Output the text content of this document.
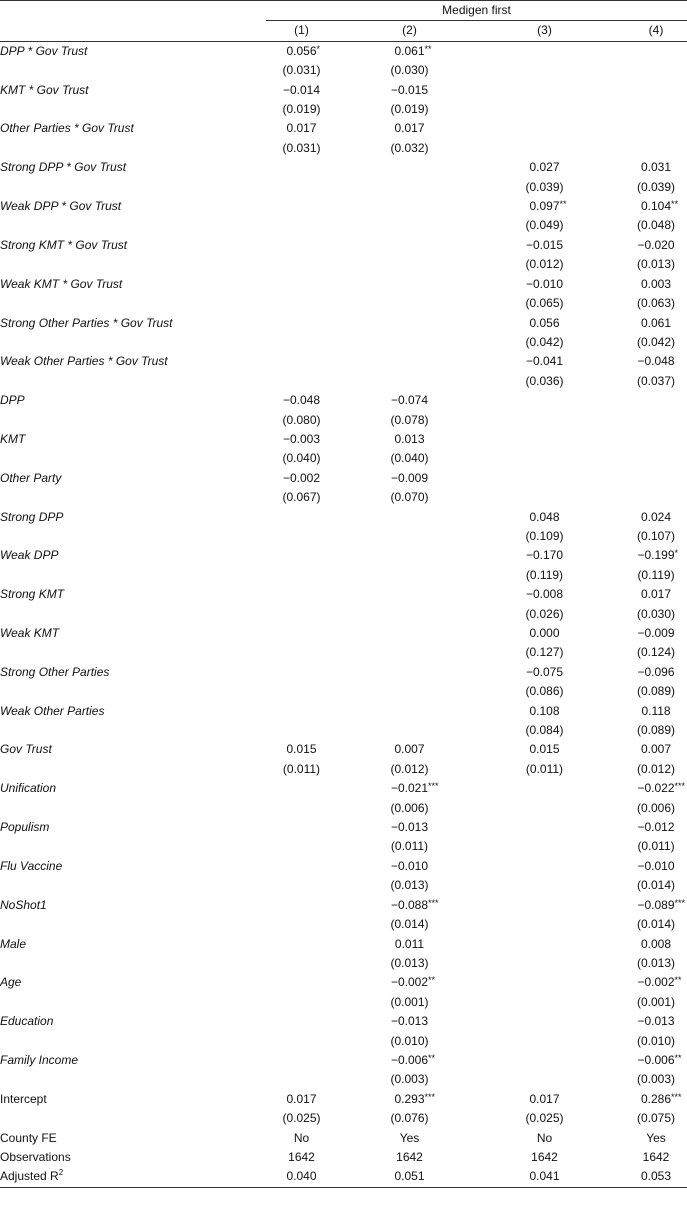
	Medigen first			
	(1)	(2)	(3)	(4)
DPP * Gov Trust	0.056 *	0.061 **		

	(0.031)	(0.030)		
KMT * Gov Trust	−0.014	−0.015		
	(0.019)	(0.019)		
Other Parties * Gov Trust	0.017	0.017		
	(0.031)	(0.032)		
Strong DPP * Gov Trust			0.027	0.031
			(0.039)	(0.039)
Weak DPP * Gov Trust			0.097 **	0.104 **

			(0.049)	(0.048)
Strong KMT * Gov Trust			−0.015	−0.020
			(0.012)	(0.013)
Weak KMT * Gov Trust			−0.010	0.003
			(0.065)	(0.063)
Strong Other Parties * Gov Trust			0.056	0.061
			(0.042)	(0.042)
Weak Other Parties * Gov Trust			−0.041	−0.048
			(0.036)	(0.037)
DPP	−0.048	−0.074		
	(0.080)	(0.078)		
KMT	−0.003	0.013		
	(0.040)	(0.040)		
Other Party	−0.002	−0.009		
	(0.067)	(0.070)		
Strong DPP			0.048	0.024
			(0.109)	(0.107)
Weak DPP			−0.170	−0.199 *

			(0.119)	(0.119)
Strong KMT			−0.008	0.017
			(0.026)	(0.030)
Weak KMT			0.000	−0.009
			(0.127)	(0.124)
Strong Other Parties			−0.075	−0.096
			(0.086)	(0.089)
Weak Other Parties			0.108	0.118
			(0.084)	(0.089)
Gov Trust	0.015	0.007	0.015	0.007
	(0.011)	(0.012)	(0.011)	(0.012)
Unification		−0.021 ***		−0.022 ***

		(0.006)		(0.006)
Populism		−0.013		−0.012
		(0.011)		(0.011)
Flu Vaccine		−0.010		−0.010
		(0.013)		(0.014)
NoShot1		−0.088 ***		−0.089 ***

		(0.014)		(0.014)
Male		0.011		0.008
		(0.013)		(0.013)
Age		−0.002 **		−0.002 **

		(0.001)		(0.001)
Education		−0.013		−0.013
		(0.010)		(0.010)
Family Income		−0.006 **		−0.006 **

		(0.003)		(0.003)
Intercept	0.017	0.293 ***	0.017	0.286 ***

	(0.025)	(0.076)	(0.025)	(0.075)
County FE	No	Yes	No	Yes
Observations	1642	1642	1642	1642
Adjusted $R^2$	0.040	0.051	0.041	0.053
